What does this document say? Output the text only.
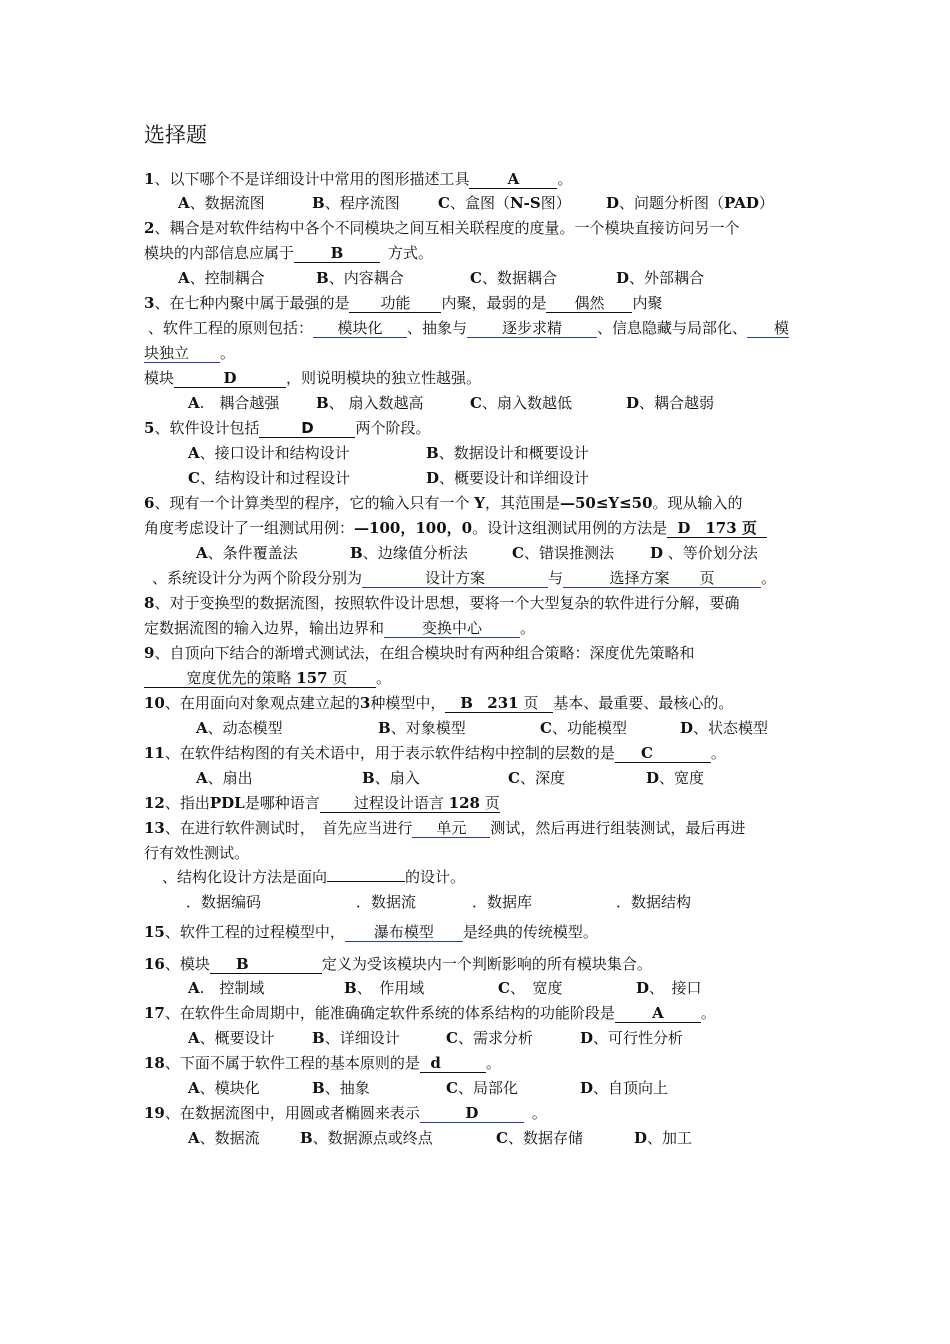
选择题
1、以下哪个不是详细设计中常用的图形描述工具	A	。
A、数据流图	B、程序流图	C、盒图（N-S图） D、问题分析图（PAD）
2、耦合是对软件结构中各个不同模块之间互相关联程度的度量。一个模块直接访问另一个
模块的内部信息应属于 B	方式。
A、控制耦合	B、内容耦合	C、数据耦合	D、外部耦合
3、在七种内聚中属于最强的是 功能 内聚，最弱的是 偶然 内聚
、软件工程的原则包括： 模块化 、抽象与 逐步求精 、信息隐藏与局部化、 模
块独立 。
模块	D	，则说明模块的独立性越强。
A.　耦合越强 B、 扇入数越高	C、扇入数越低	D、耦合越弱
5、软件设计包括	D	两个阶段。
A、接口设计和结构设计	B、数据设计和概要设计
C、结构设计和过程设计	D、概要设计和详细设计
6、现有一个计算类型的程序，它的输入只有一个 Y，其范围是—50≤Y≤50。现从输入的
角度考虑设计了一组测试用例：—100，100，0。设计这组测试用例的方法是 D　173 页
A、条件覆盖法	B、边缘值分析法	C、错误推测法 D 、等价划分法
、系统设计分为两个阶段分别为	设计方案	与	选择方案　　页	。
8、对于变换型的数据流图，按照软件设计思想，要将一个大型复杂的软件进行分解，要确
定数据流图的输入边界，输出边界和	变换中心	。
9、自顶向下结合的渐增式测试法，在组合模块时有两种组合策略：深度优先策略和
宽度优先的策略 157 页 。
10、在用面向对象观点建立起的3种模型中， B 231 页 基本、最重要、最核心的。
A、动态模型	B、对象模型	C、功能模型	D、状态模型
11、在软件结构图的有关术语中，用于表示软件结构中控制的层数的是 C	。
A、扇出	B、扇入	C、深度	D、宽度
12、指出PDL是哪种语言 过程设计语言 128 页
13、在进行软件测试时，　首先应当进行 单元 测试，然后再进行组装测试，最后再进
行有效性测试。
、结构化设计方法是面向	的设计。
．数据编码	．数据流	．数据库	．数据结构
15、软件工程的过程模型中， 瀑布模型 是经典的传统模型。
16、模块 B	定义为受该模块内一个判断影响的所有模块集合。
A.　控制域	B、　作用域	C、　宽度	D、　接口
17、在软件生命周期中，能准确确定软件系统的体系结构的功能阶段是 A 。
A、概要设计 B、详细设计	C、需求分析	D、可行性分析
18、下面不属于软件工程的基本原则的是 d	。
A、模块化	B、抽象	C、局部化	D、自顶向上
19、在数据流图中，用圆或者椭圆来表示	D	。
A、数据流	B、数据源点或终点	C、数据存储	D、加工
